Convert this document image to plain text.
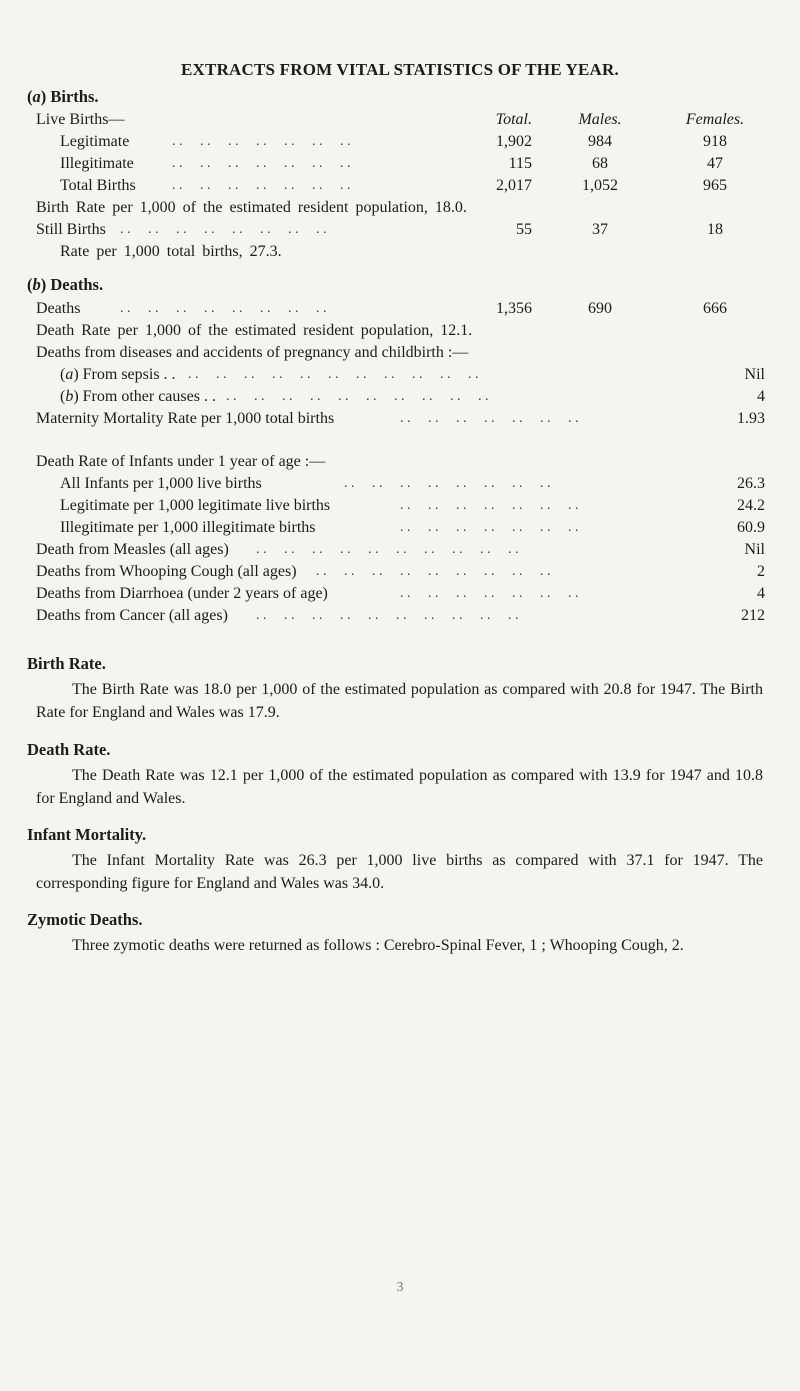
EXTRACTS FROM VITAL STATISTICS OF THE YEAR.
(a) Births.
Live Births—	Total.	Males.	Females.
Legitimate	. .     . .     . .     . .     . .     . .     . .	1,902	984	918
Illegitimate	. .     . .     . .     . .     . .     . .     . .	115	68	47
Total Births	. .     . .     . .     . .     . .     . .     . .	2,017	1,052	965
Birth Rate per 1,000 of the estimated resident population, 18.0.
Still Births . .     . .     . .     . .     . .     . .     . .     . .	55	37	18
Rate per 1,000 total births, 27.3.
(b) Deaths.
Deaths	. .     . .     . .     . .     . .     . .     . .     . .	1,356	690	666
Death Rate per 1,000 of the estimated resident population, 12.1.
Deaths from diseases and accidents of pregnancy and childbirth :—
(a) From sepsis . . . .     . .     . .     . .     . .     . .     . .     . .     . .     . .     . .	Nil
(b) From other causes . . . .     . .     . .     . .     . .     . .     . .     . .     . .     . .	4
Maternity Mortality Rate per 1,000 total births	. .     . .     . .     . .     . .     . .     . .	1.93
Death Rate of Infants under 1 year of age :—
All Infants per 1,000 live births	. .     . .     . .     . .     . .     . .     . .     . .	26.3
Legitimate per 1,000 legitimate live births	. .     . .     . .     . .     . .     . .     . .	24.2
Illegitimate per 1,000 illegitimate births	. .     . .     . .     . .     . .     . .     . .	60.9
Death from Measles (all ages) . .     . .     . .     . .     . .     . .     . .     . .     . .     . .	Nil
Deaths from Whooping Cough (all ages) . .     . .     . .     . .     . .     . .     . .     . .     . .	2
Deaths from Diarrhoea (under 2 years of age)	. .     . .     . .     . .     . .     . .     . .	4
Deaths from Cancer (all ages) . .     . .     . .     . .     . .     . .     . .     . .     . .     . .	212
Birth Rate.
The Birth Rate was 18.0 per 1,000 of the estimated population as compared with 20.8 for 1947. The Birth Rate for England and Wales was 17.9.
Death Rate.
The Death Rate was 12.1 per 1,000 of the estimated population as compared with 13.9 for 1947 and 10.8 for England and Wales.
Infant Mortality.
The Infant Mortality Rate was 26.3 per 1,000 live births as compared with 37.1 for 1947. The corresponding figure for England and Wales was 34.0.
Zymotic Deaths.
Three zymotic deaths were returned as follows : Cerebro-Spinal Fever, 1 ; Whooping Cough, 2.
3
